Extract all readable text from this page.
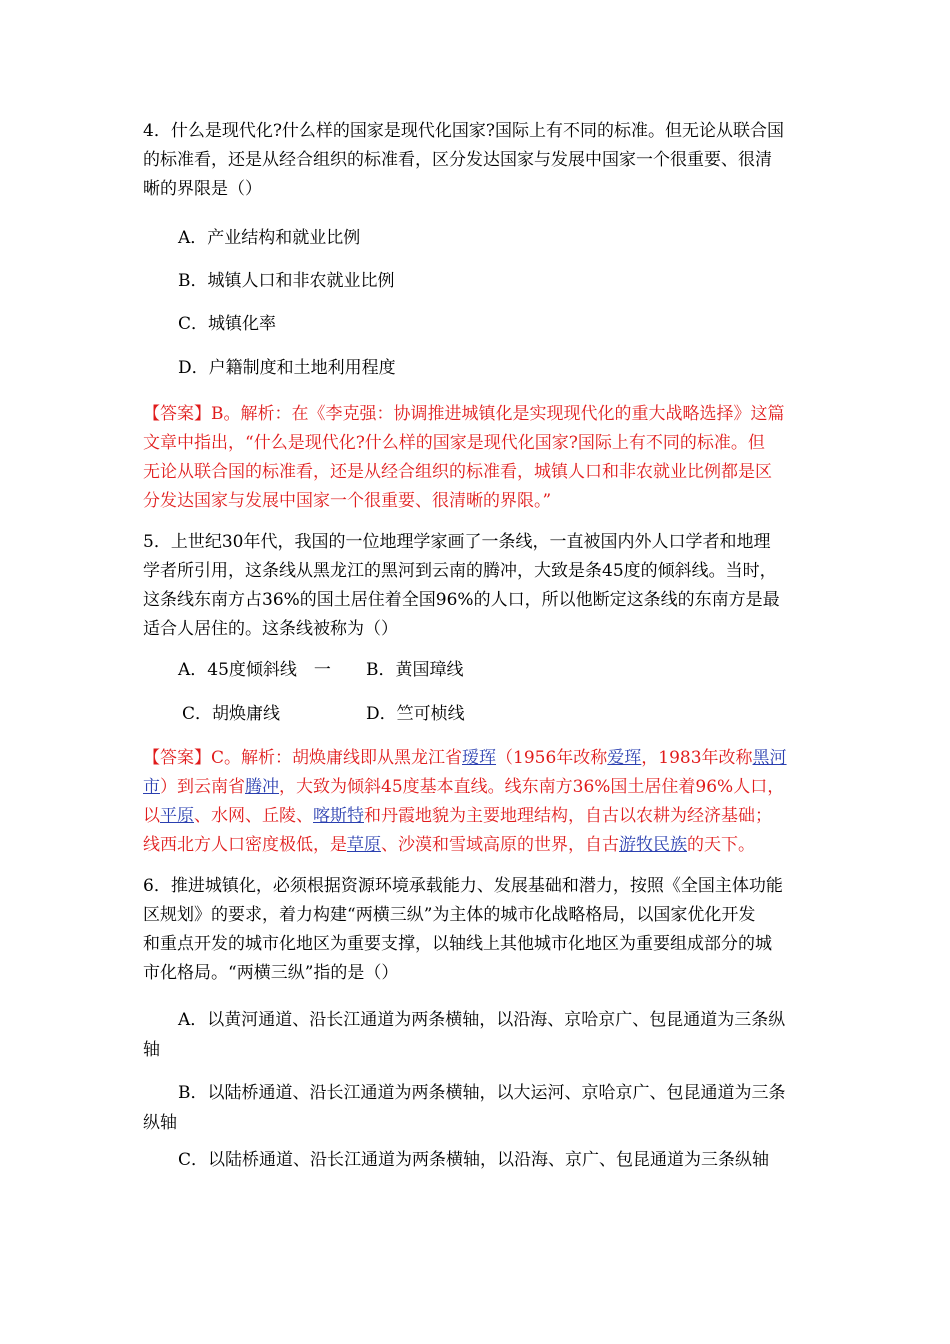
4．什么是现代化?什么样的国家是现代化国家?国际上有不同的标准。但无论从联合国
的标准看，还是从经合组织的标准看，区分发达国家与发展中国家一个很重要、很清
晰的界限是（）

A．产业结构和就业比例
B．城镇人口和非农就业比例
C．城镇化率
D．户籍制度和土地利用程度

【答案】B。解析：在《李克强：协调推进城镇化是实现现代化的重大战略选择》这篇
文章中指出，“什么是现代化?什么样的国家是现代化国家?国际上有不同的标准。但
无论从联合国的标准看，还是从经合组织的标准看，城镇人口和非农就业比例都是区
分发达国家与发展中国家一个很重要、很清晰的界限。”

5．上世纪30年代，我国的一位地理学家画了一条线，一直被国内外人口学者和地理
学者所引用，这条线从黑龙江的黑河到云南的腾冲，大致是条45度的倾斜线。当时，
这条线东南方占36%的国土居住着全国96%的人口，所以他断定这条线的东南方是最
适合人居住的。这条线被称为（）

A．45度倾斜线　一 B．黄国璋线
C．胡焕庸线	D．竺可桢线

【答案】C。解析：胡焕庸线即从黑龙江省瑷珲（1956年改称爱珲，1983年改称黑河
市）到云南省腾冲，大致为倾斜45度基本直线。线东南方36%国土居住着96%人口，
以平原、水网、丘陵、喀斯特和丹霞地貌为主要地理结构，自古以农耕为经济基础；
线西北方人口密度极低，是草原、沙漠和雪域高原的世界，自古游牧民族的天下。

6．推进城镇化，必须根据资源环境承载能力、发展基础和潜力，按照《全国主体功能
区规划》的要求，着力构建“两横三纵”为主体的城市化战略格局，以国家优化开发
和重点开发的城市化地区为重要支撑，以轴线上其他城市化地区为重要组成部分的城
市化格局。“两横三纵”指的是（）

A．以黄河通道、沿长江通道为两条横轴，以沿海、京哈京广、包昆通道为三条纵
轴
B．以陆桥通道、沿长江通道为两条横轴，以大运河、京哈京广、包昆通道为三条
纵轴
C．以陆桥通道、沿长江通道为两条横轴，以沿海、京广、包昆通道为三条纵轴
